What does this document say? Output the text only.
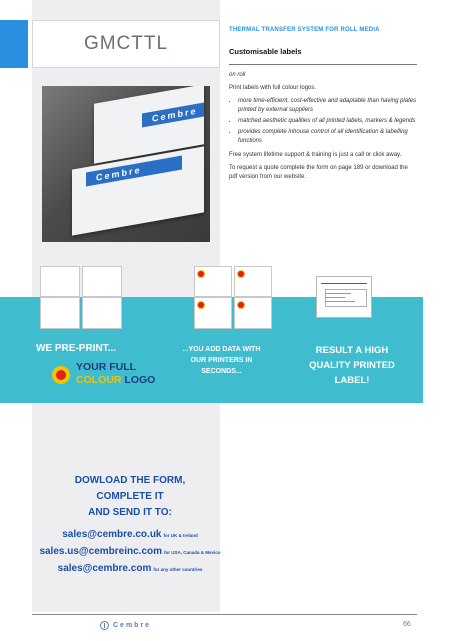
GMCTTL
Cembre
Cembre
THERMAL TRANSFER SYSTEM FOR ROLL MEDIA
Customisable labels

on roll

Print labels with full colour logos.

• more time-efficient, cost-effective and adaptable than having plates printed by external suppliers
• matched aesthetic qualities of all printed labels, markers & legends
• provides complete inhouse control of all identification & labelling functions

Free system lifetime support & training is just a call or click away.

To request a quote complete the form on page 189 or download the pdf version from our website.

WE PRE-PRINT...
YOUR FULL
COLOUR LOGO
...YOU ADD DATA WITH OUR PRINTERS IN SECONDS...
RESULT A HIGH QUALITY PRINTED LABEL!
DOWLOAD THE FORM,
COMPLETE IT
AND SEND IT TO:
sales@cembre.co.uk for UK & Ireland
sales.us@cembreinc.com for USA, Canada & Mexico
sales@cembre.com for any other countries
Cembre	66
